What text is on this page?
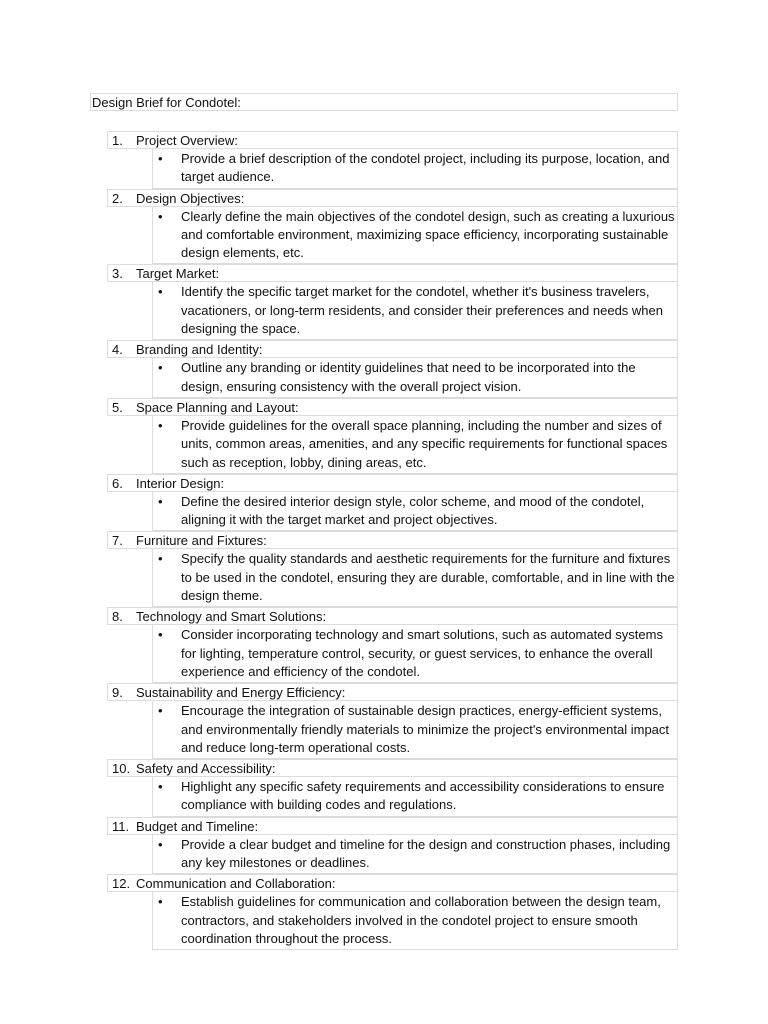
Design Brief for Condotel:
1. Project Overview:
• Provide a brief description of the condotel project, including its purpose, location, and target audience.
2. Design Objectives:
• Clearly define the main objectives of the condotel design, such as creating a luxurious and comfortable environment, maximizing space efficiency, incorporating sustainable design elements, etc.
3. Target Market:
• Identify the specific target market for the condotel, whether it's business travelers, vacationers, or long-term residents, and consider their preferences and needs when designing the space.
4. Branding and Identity:
• Outline any branding or identity guidelines that need to be incorporated into the design, ensuring consistency with the overall project vision.
5. Space Planning and Layout:
• Provide guidelines for the overall space planning, including the number and sizes of units, common areas, amenities, and any specific requirements for functional spaces such as reception, lobby, dining areas, etc.
6. Interior Design:
• Define the desired interior design style, color scheme, and mood of the condotel, aligning it with the target market and project objectives.
7. Furniture and Fixtures:
• Specify the quality standards and aesthetic requirements for the furniture and fixtures to be used in the condotel, ensuring they are durable, comfortable, and in line with the design theme.
8. Technology and Smart Solutions:
• Consider incorporating technology and smart solutions, such as automated systems for lighting, temperature control, security, or guest services, to enhance the overall experience and efficiency of the condotel.
9. Sustainability and Energy Efficiency:
• Encourage the integration of sustainable design practices, energy-efficient systems, and environmentally friendly materials to minimize the project's environmental impact and reduce long-term operational costs.
10. Safety and Accessibility:
• Highlight any specific safety requirements and accessibility considerations to ensure compliance with building codes and regulations.
11. Budget and Timeline:
• Provide a clear budget and timeline for the design and construction phases, including any key milestones or deadlines.
12. Communication and Collaboration:
• Establish guidelines for communication and collaboration between the design team, contractors, and stakeholders involved in the condotel project to ensure smooth coordination throughout the process.
